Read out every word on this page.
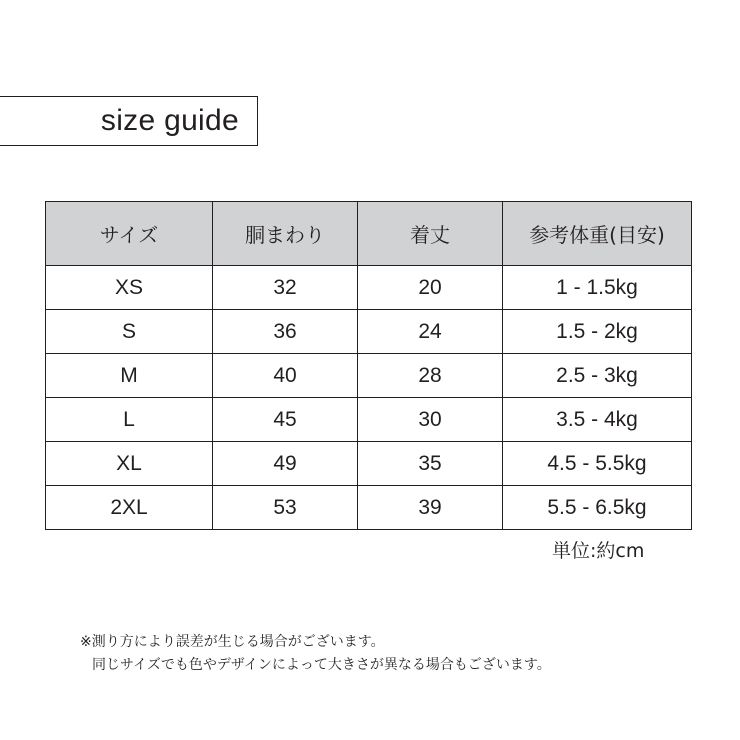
size guide
サイズ	胴まわり	着丈	参考体重(目安)
XS	32	20	1 - 1.5kg
S	36	24	1.5 - 2kg
M	40	28	2.5 - 3kg
L	45	30	3.5 - 4kg
XL	49	35	4.5 - 5.5kg
2XL	53	39	5.5 - 6.5kg
単位:約cm
※測り方により誤差が生じる場合がございます。
同じサイズでも色やデザインによって大きさが異なる場合もございます。
